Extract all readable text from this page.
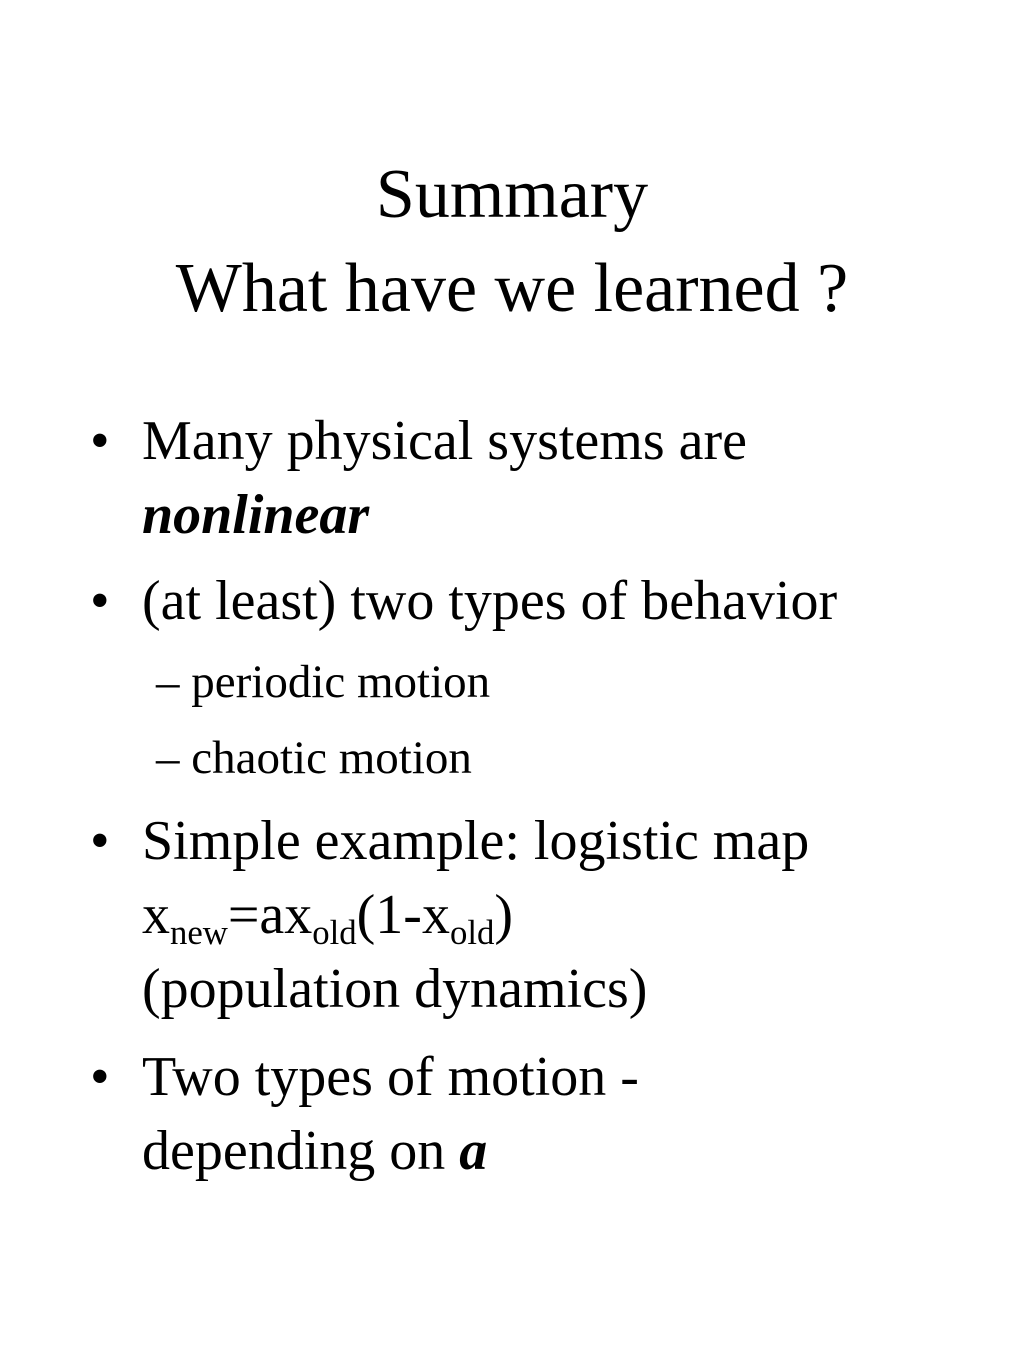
Summary
What have we learned ?
• Many physical systems are
nonlinear
• (at least) two types of behavior
– periodic motion
– chaotic motion
• Simple example: logistic map
$x_{new}=ax_{old}(1-x_{old})$
(population dynamics)
• Two types of motion -
depending on a
